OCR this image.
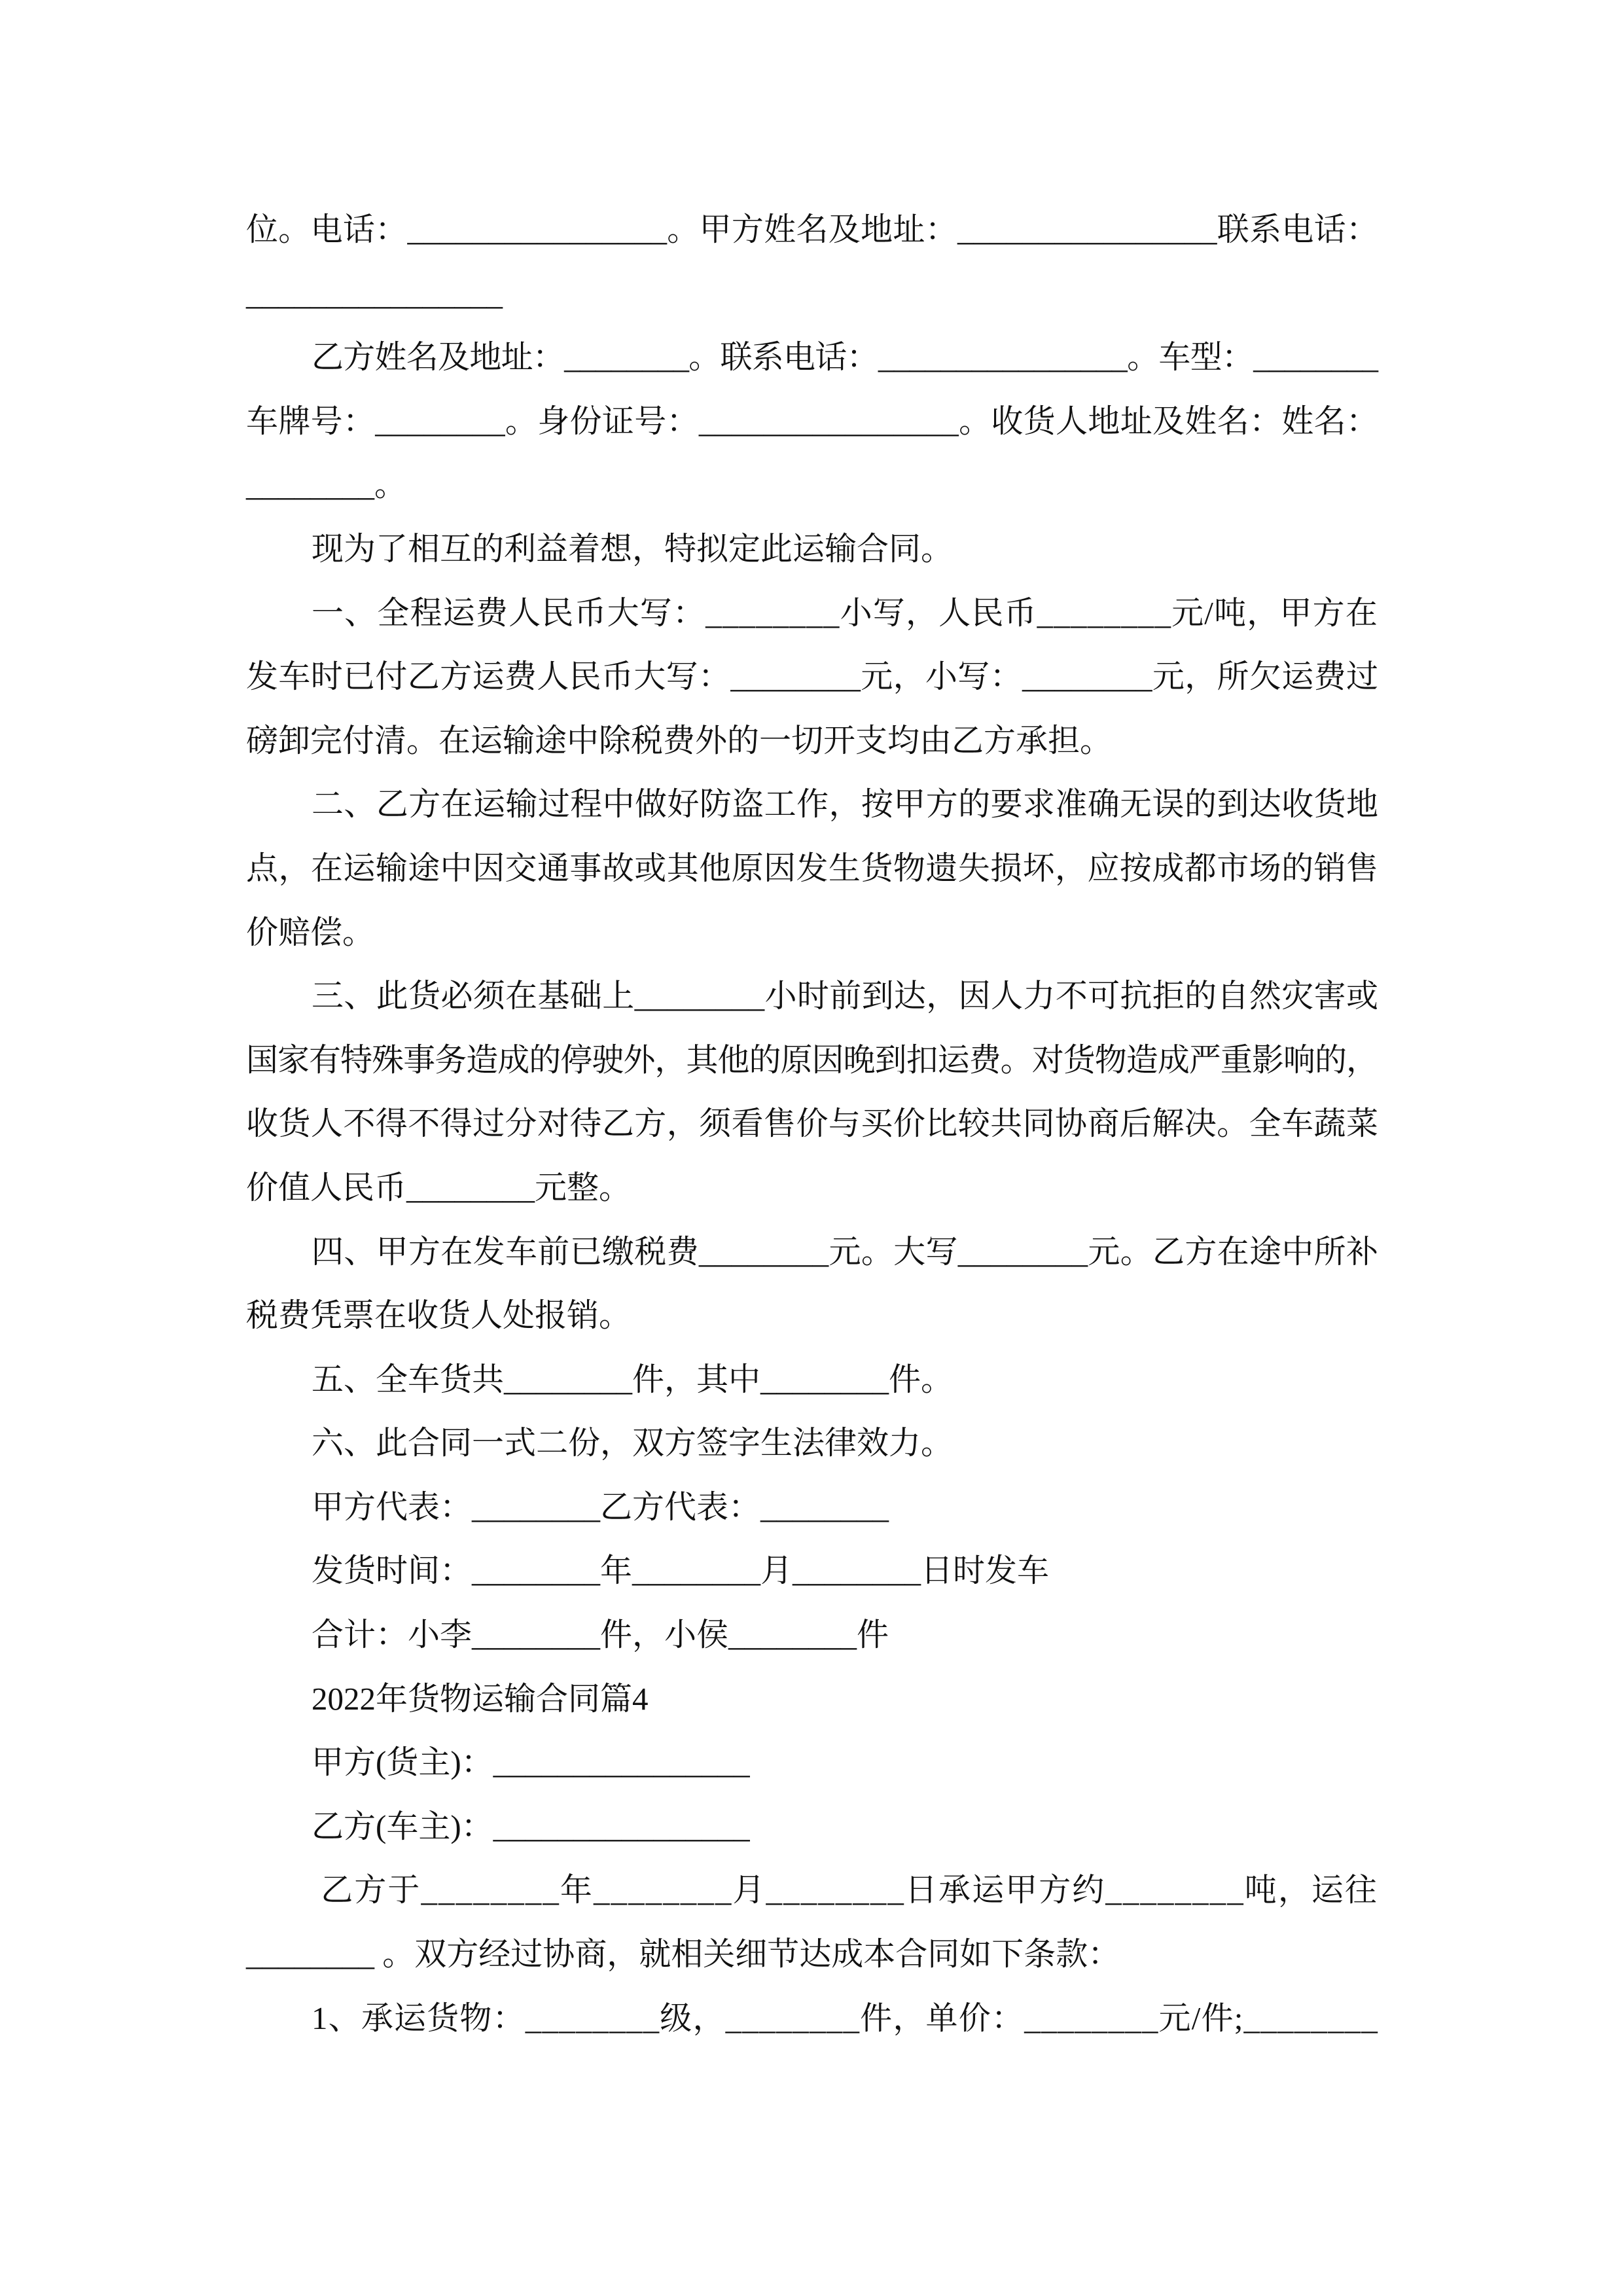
位。电话：________________。甲方姓名及地址：________________联系电话：
________________
乙方姓名及地址：________。联系电话：________________。车型：________
车牌号：________。身份证号：________________。收货人地址及姓名：姓名：
________。
现为了相互的利益着想，特拟定此运输合同。
一、全程运费人民币大写：________小写，人民币________元/吨，甲方在
发车时已付乙方运费人民币大写：________元，小写：________元，所欠运费过
磅卸完付清。在运输途中除税费外的一切开支均由乙方承担。
二、乙方在运输过程中做好防盗工作，按甲方的要求准确无误的到达收货地
点，在运输途中因交通事故或其他原因发生货物遗失损坏，应按成都市场的销售
价赔偿。
三、此货必须在基础上________小时前到达，因人力不可抗拒的自然灾害或
国家有特殊事务造成的停驶外，其他的原因晚到扣运费。对货物造成严重影响的，
收货人不得不得过分对待乙方，须看售价与买价比较共同协商后解决。全车蔬菜
价值人民币________元整。
四、甲方在发车前已缴税费________元。大写________元。乙方在途中所补
税费凭票在收货人处报销。
五、全车货共________件，其中________件。
六、此合同一式二份，双方签字生法律效力。
甲方代表：________乙方代表：________
发货时间：________年________月________日时发车
合计：小李________件，小侯________件
2022年货物运输合同篇4
甲方(货主)：________________
乙方(车主)：________________
乙方于________年________月________日承运甲方约________吨，运往
________ 。双方经过协商，就相关细节达成本合同如下条款：
1、承运货物：________级，________件，单价：________元/件;________
